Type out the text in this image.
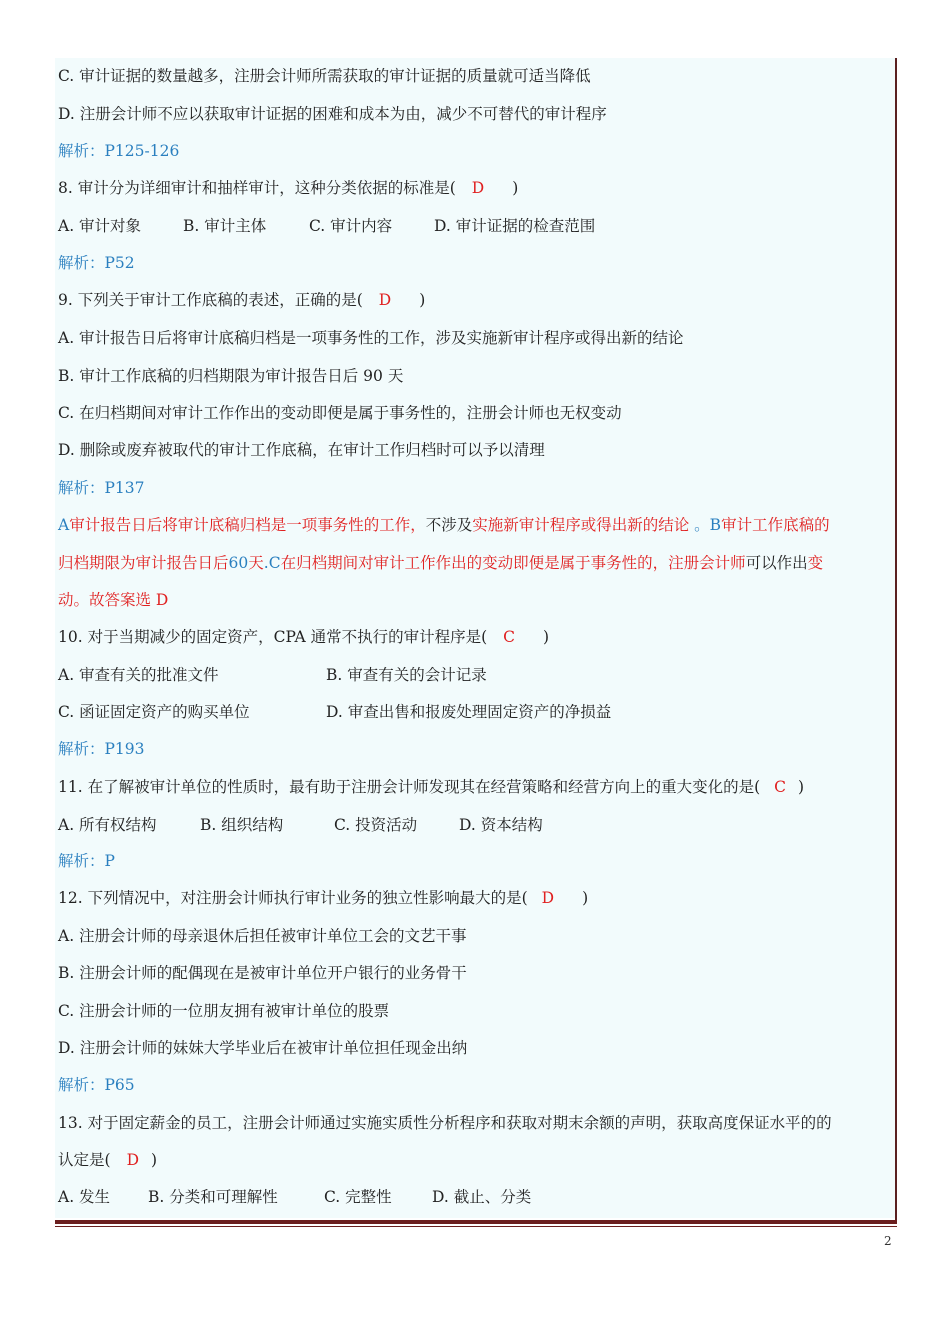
C. 审计证据的数量越多，注册会计师所需获取的审计证据的质量就可适当降低
D. 注册会计师不应以获取审计证据的困难和成本为由，减少不可替代的审计程序
解析：P125-126
8. 审计分为详细审计和抽样审计，这种分类依据的标准是( D )
A. 审计对象	B. 审计主体	C. 审计内容	D. 审计证据的检查范围
解析：P52
9. 下列关于审计工作底稿的表述，正确的是( D )
A. 审计报告日后将审计底稿归档是一项事务性的工作，涉及实施新审计程序或得出新的结论
B. 审计工作底稿的归档期限为审计报告日后 90 天
C. 在归档期间对审计工作作出的变动即便是属于事务性的，注册会计师也无权变动
D. 删除或废弃被取代的审计工作底稿，在审计工作归档时可以予以清理
解析：P137
A审计报告日后将审计底稿归档是一项事务性的工作，不涉及实施新审计程序或得出新的结论 。B审计工作底稿的
归档期限为审计报告日后60天.C在归档期间对审计工作作出的变动即便是属于事务性的，注册会计师可以作出变
动。故答案选 D
10. 对于当期减少的固定资产，CPA 通常不执行的审计程序是( C )
A. 审查有关的批准文件	B. 审查有关的会计记录
C. 函证固定资产的购买单位	D. 审查出售和报废处理固定资产的净损益
解析：P193
11. 在了解被审计单位的性质时，最有助于注册会计师发现其在经营策略和经营方向上的重大变化的是( C )
A. 所有权结构	B. 组织结构	C. 投资活动	D. 资本结构
解析：P
12. 下列情况中，对注册会计师执行审计业务的独立性影响最大的是( D )
A. 注册会计师的母亲退休后担任被审计单位工会的文艺干事
B. 注册会计师的配偶现在是被审计单位开户银行的业务骨干
C. 注册会计师的一位朋友拥有被审计单位的股票
D. 注册会计师的妹妹大学毕业后在被审计单位担任现金出纳
解析：P65
13. 对于固定薪金的员工，注册会计师通过实施实质性分析程序和获取对期末余额的声明，获取高度保证水平的的
认定是( D )
A. 发生 B. 分类和可理解性	C. 完整性	D. 截止、分类
2
